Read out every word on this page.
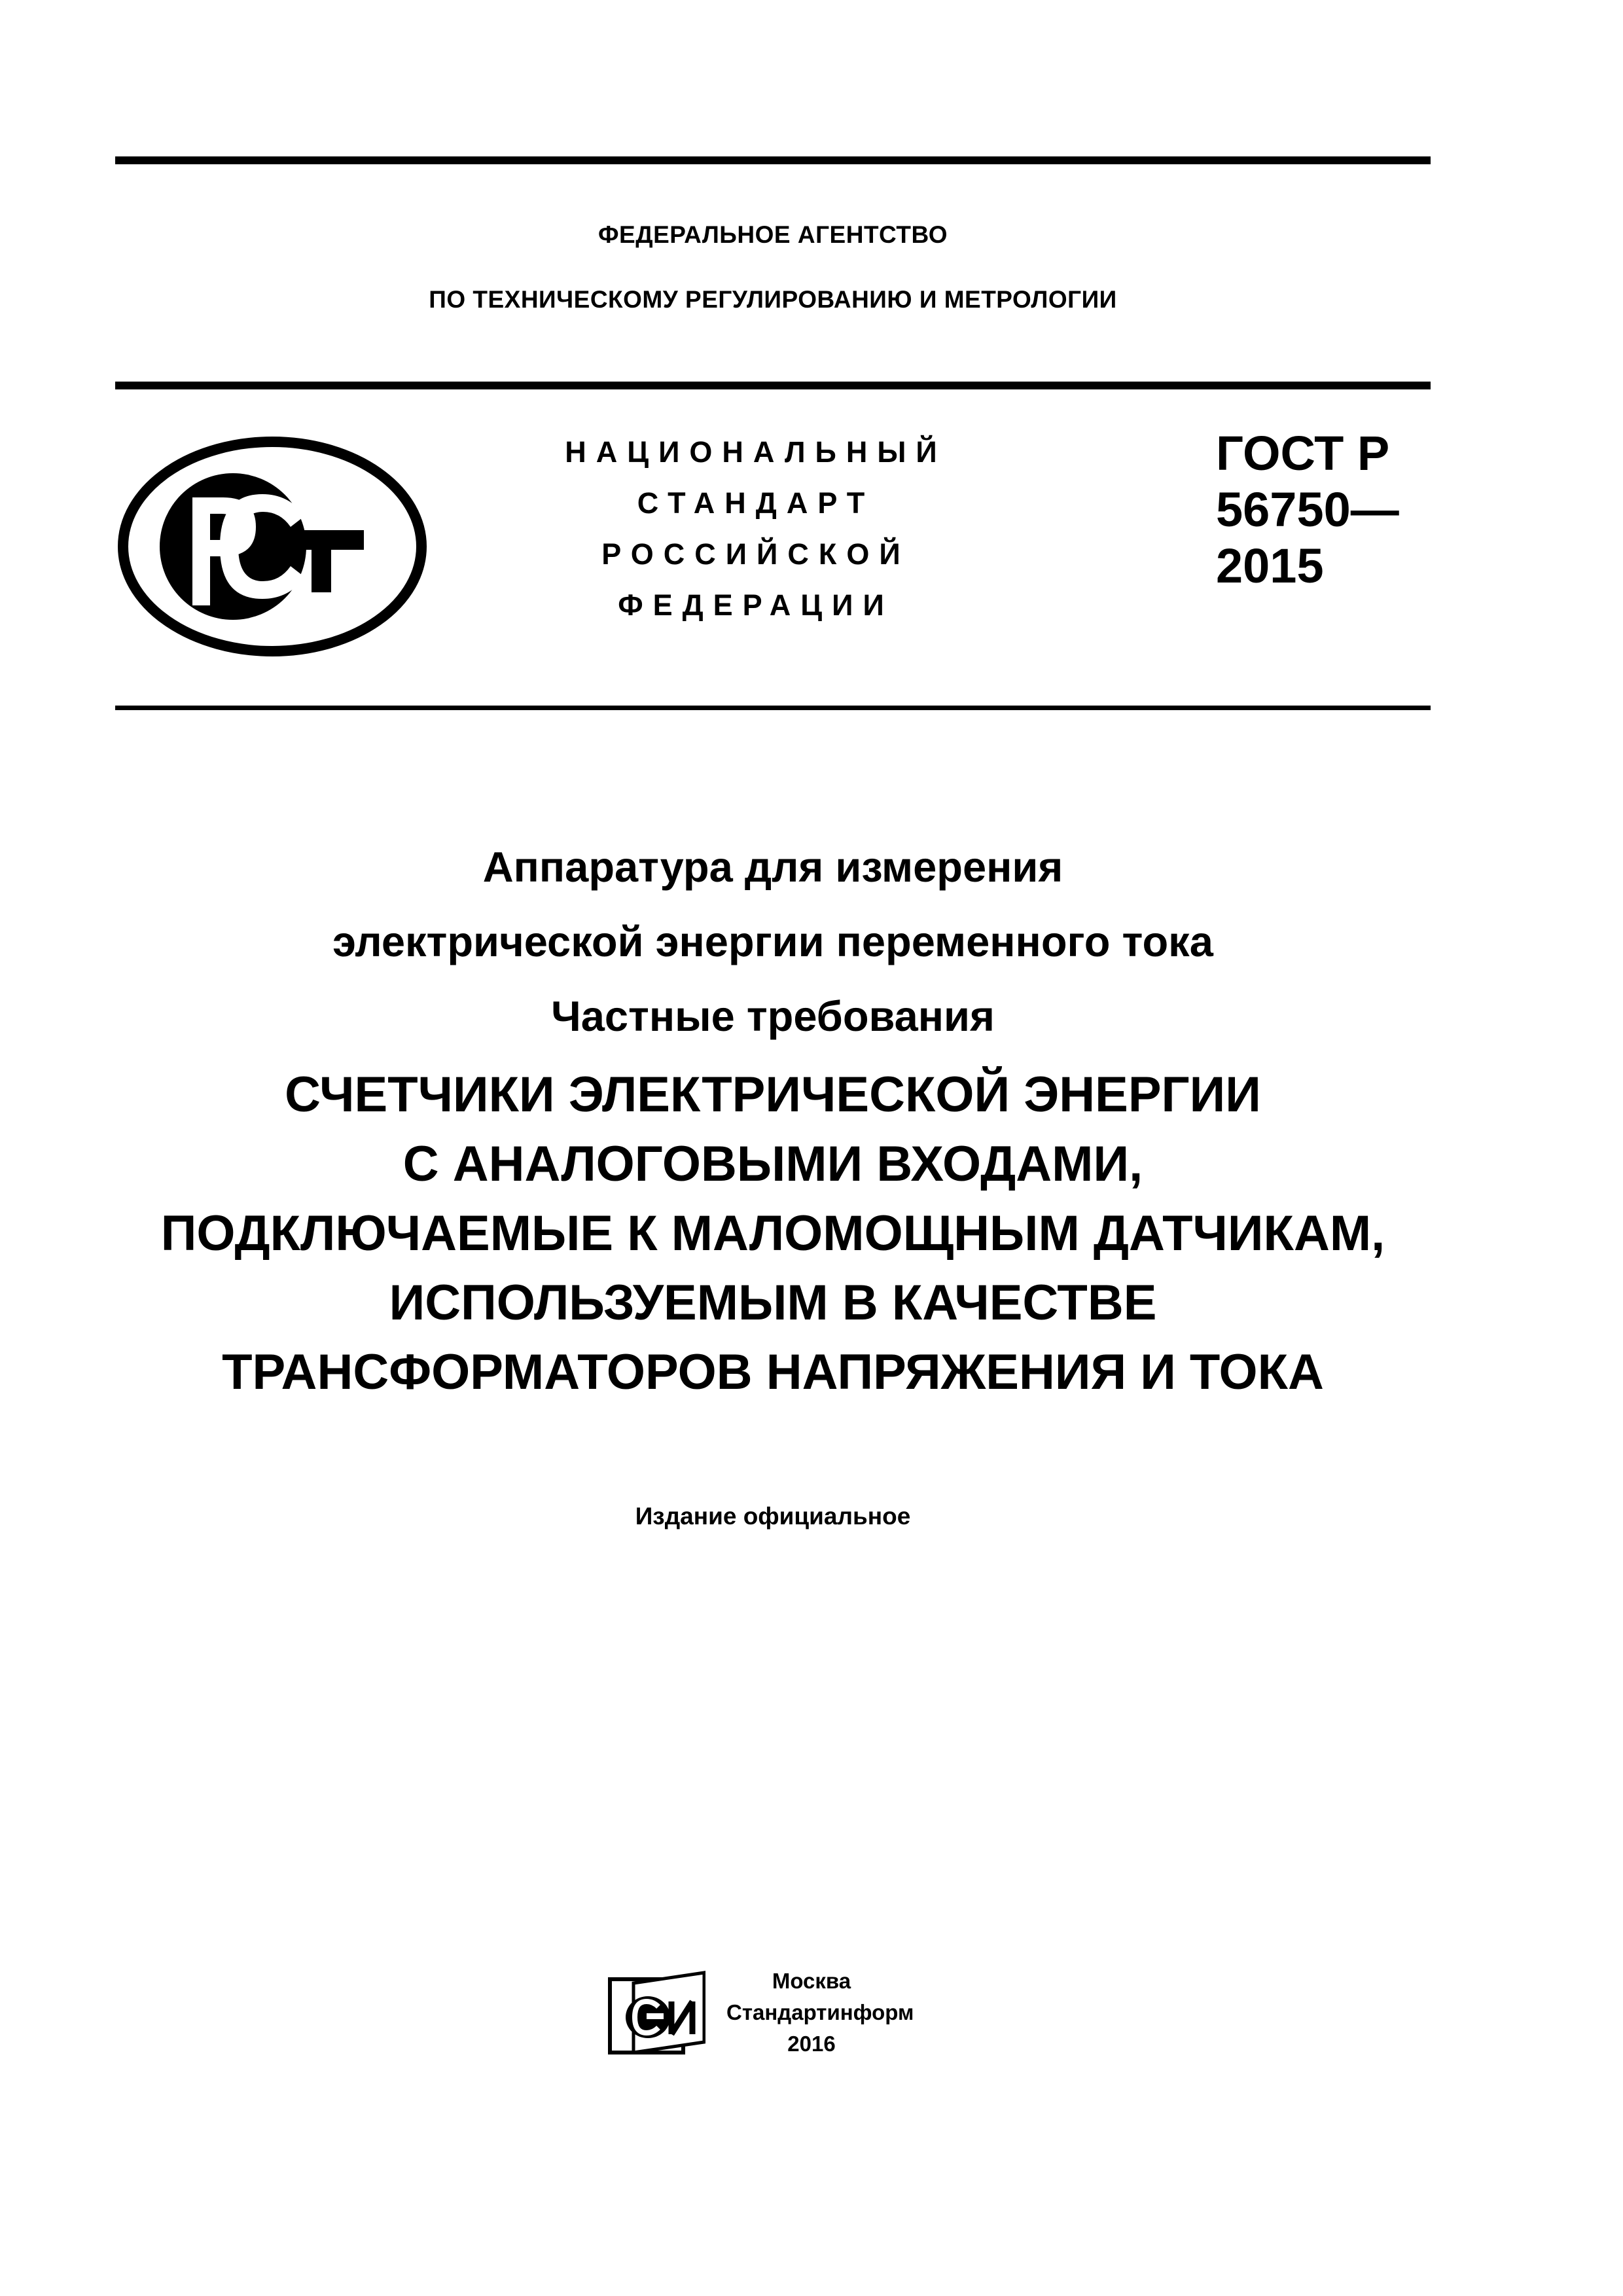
ФЕДЕРАЛЬНОЕ АГЕНТСТВО
ПО ТЕХНИЧЕСКОМУ РЕГУЛИРОВАНИЮ И МЕТРОЛОГИИ
НАЦИОНАЛЬНЫЙ
СТАНДАРТ
РОССИЙСКОЙ
ФЕДЕРАЦИИ
ГОСТ Р
56750—
2015
Аппаратура для измерения
электрической энергии переменного тока
Частные требования
СЧЕТЧИКИ ЭЛЕКТРИЧЕСКОЙ ЭНЕРГИИ
С АНАЛОГОВЫМИ ВХОДАМИ,
ПОДКЛЮЧАЕМЫЕ К МАЛОМОЩНЫМ ДАТЧИКАМ,
ИСПОЛЬЗУЕМЫМ В КАЧЕСТВЕ
ТРАНСФОРМАТОРОВ НАПРЯЖЕНИЯ И ТОКА
Издание официальное
Москва
Стандартинформ
2016
